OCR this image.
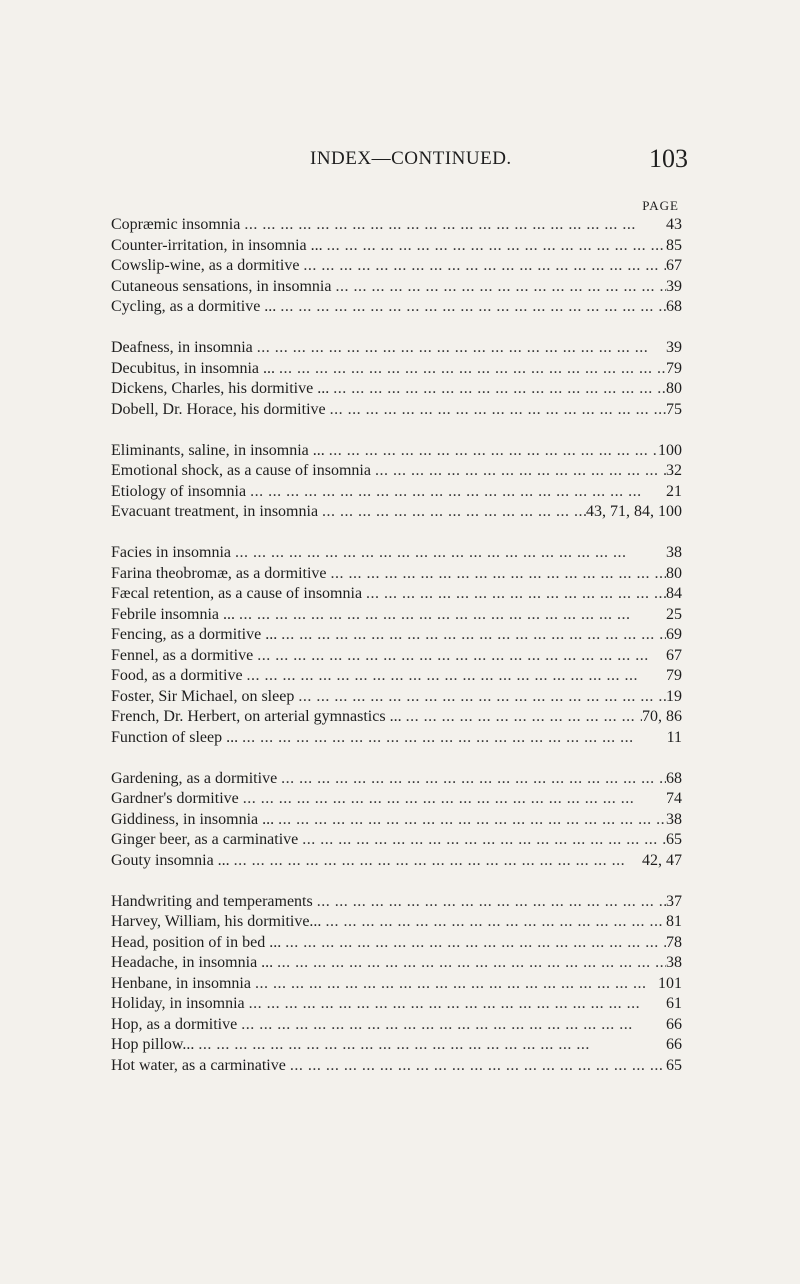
INDEX—CONTINUED.	103
PAGE
Copræmic insomnia ... .	43
Counter-irritation, in insomnia ... ... .	85
Cowslip-wine, as a dormitive ... .	67
Cutaneous sensations, in insomnia ... .	39
Cycling, as a dormitive ... ... .	68
Deafness, in insomnia ... .	39
Decubitus, in insomnia ... ... .	79
Dickens, Charles, his dormitive ... ... .	80
Dobell, Dr. Horace, his dormitive ... .	75
Eliminants, saline, in insomnia ... ... .	100
Emotional shock, as a cause of insomnia ... .	32
Etiology of insomnia ... .	21
Evacuant treatment, in insomnia ... .	43, 71, 84, 100
Facies in insomnia ... .	38
Farina theobromæ, as a dormitive ... .	80
Fæcal retention, as a cause of insomnia ... .	84
Febrile insomnia ... ... .	25
Fencing, as a dormitive ... ... .	69
Fennel, as a dormitive ... .	67
Food, as a dormitive ... .	79
Foster, Sir Michael, on sleep ... .	19
French, Dr. Herbert, on arterial gymnastics ... ... .	70, 86
Function of sleep ... ... .	11
Gardening, as a dormitive ... .	68
Gardner's dormitive ... .	74
Giddiness, in insomnia ... ... .	38
Ginger beer, as a carminative ... .	65
Gouty insomnia ... ... .	42, 47
Handwriting and temperaments ... .	37
Harvey, William, his dormitive... ... .	81
Head, position of in bed ... ... .	78
Headache, in insomnia ... ... .	38
Henbane, in insomnia ... .	101
Holiday, in insomnia ... .	61
Hop, as a dormitive ... .	66
Hop pillow... ... .	66
Hot water, as a carminative ... .	65
